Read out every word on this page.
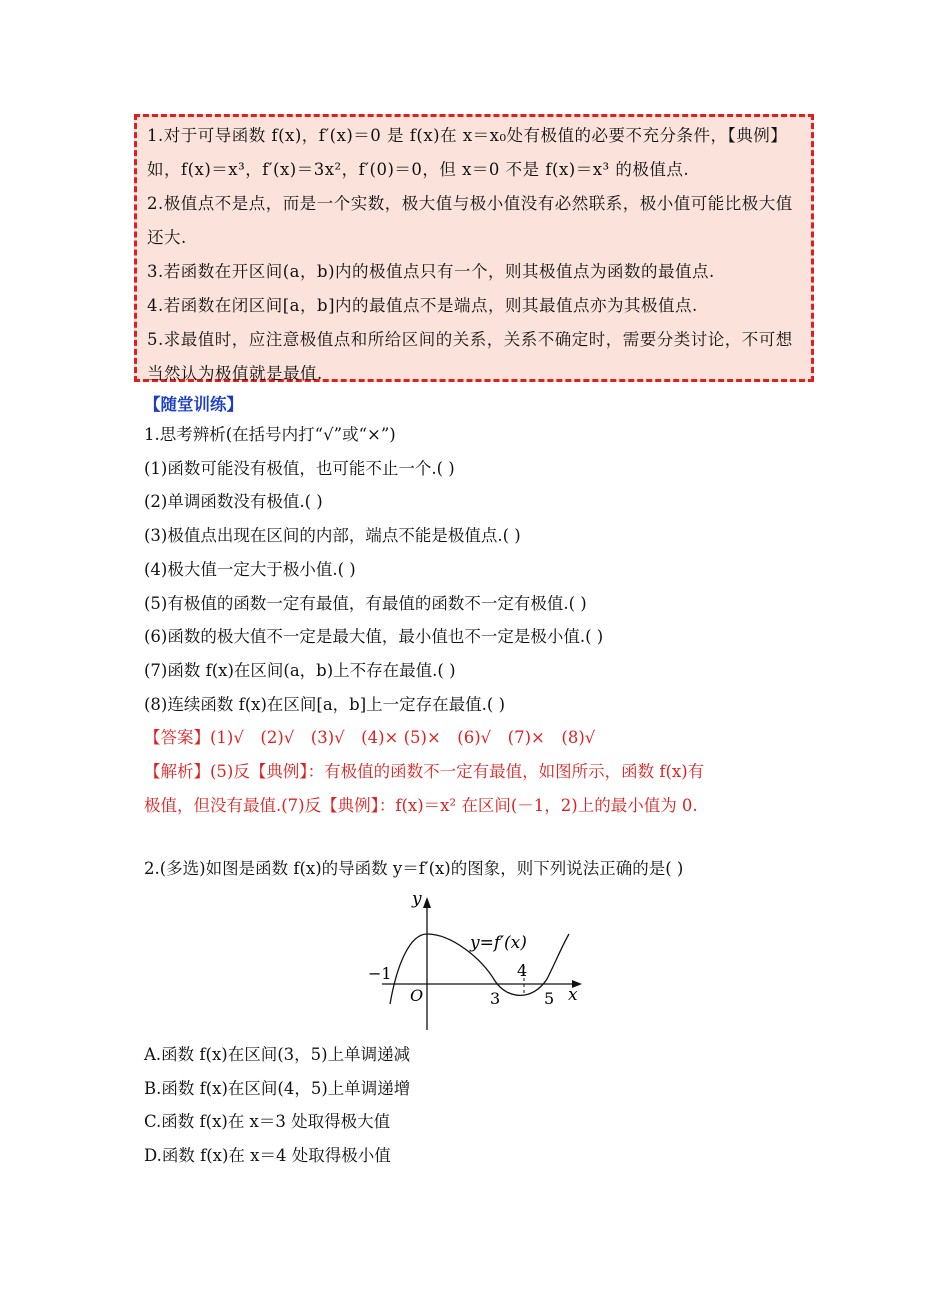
1.对于可导函数 f(x)，f′(x)＝0 是 f(x)在 x＝x₀处有极值的必要不充分条件，【典例】如，f(x)＝x³，f′(x)＝3x²，f′(0)＝0，但 x＝0 不是 f(x)＝x³ 的极值点.

2.极值点不是点，而是一个实数，极大值与极小值没有必然联系，极小值可能比极大值还大.

3.若函数在开区间(a，b)内的极值点只有一个，则其极值点为函数的最值点.

4.若函数在闭区间[a，b]内的最值点不是端点，则其最值点亦为其极值点.

5.求最值时，应注意极值点和所给区间的关系，关系不确定时，需要分类讨论，不可想当然认为极值就是最值.

【随堂训练】

1.思考辨析(在括号内打“√”或“×”)

(1)函数可能没有极值，也可能不止一个.( )

(2)单调函数没有极值.( )

(3)极值点出现在区间的内部，端点不能是极值点.( )

(4)极大值一定大于极小值.( )

(5)有极值的函数一定有最值，有最值的函数不一定有极值.( )

(6)函数的极大值不一定是最大值，最小值也不一定是极小值.( )

(7)函数 f(x)在区间(a，b)上不存在最值.( )

(8)连续函数 f(x)在区间[a，b]上一定存在最值.( )

【答案】(1)√　(2)√　(3)√　(4)× (5)×　(6)√　(7)×　(8)√

【解析】(5)反【典例】：有极值的函数不一定有最值，如图所示，函数 f(x)有

极值，但没有最值.(7)反【典例】：f(x)＝x² 在区间(－1，2)上的最小值为 0.

2.(多选)如图是函数 f(x)的导函数 y＝f′(x)的图象，则下列说法正确的是( )

y
x
O
−1
3
4
5
y=f′(x)

A.函数 f(x)在区间(3，5)上单调递减

B.函数 f(x)在区间(4，5)上单调递增

C.函数 f(x)在 x＝3 处取得极大值

D.函数 f(x)在 x＝4 处取得极小值
